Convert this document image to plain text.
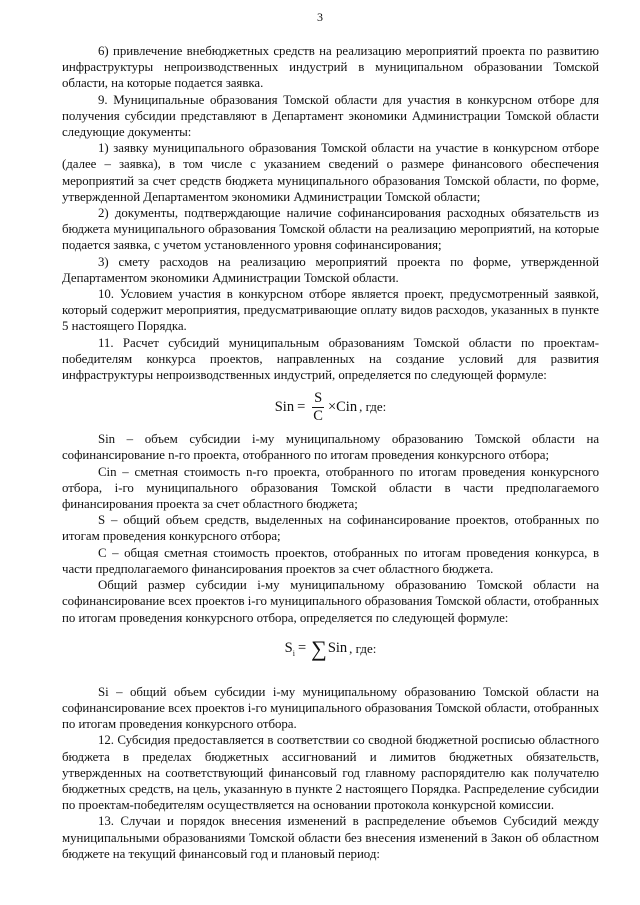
3

6) привлечение внебюджетных средств на реализацию мероприятий проекта по развитию инфраструктуры непроизводственных индустрий в муниципальном образовании Томской области, на которые подается заявка.

9. Муниципальные образования Томской области для участия в конкурсном отборе для получения субсидии представляют в Департамент экономики Администрации Томской области следующие документы:

1) заявку муниципального образования Томской области на участие в конкурсном отборе (далее – заявка), в том числе с указанием сведений о размере финансового обеспечения мероприятий за счет средств бюджета муниципального образования Томской области, по форме, утвержденной Департаментом экономики Администрации Томской области;

2) документы, подтверждающие наличие софинансирования расходных обязательств из бюджета муниципального образования Томской области на реализацию мероприятий, на которые подается заявка, с учетом установленного уровня софинансирования;

3) смету расходов на реализацию мероприятий проекта по форме, утвержденной Департаментом экономики Администрации Томской области.

10. Условием участия в конкурсном отборе является проект, предусмотренный заявкой, который содержит мероприятия, предусматривающие оплату видов расходов, указанных в пункте 5 настоящего Порядка.

11. Расчет субсидий муниципальным образованиям Томской области по проектам-победителям конкурса проектов, направленных на создание условий для развития инфраструктуры непроизводственных индустрий, определяется по следующей формуле:

Sin = $\frac{S}{C}$ × Cin , где:

Sin – объем субсидии i-му муниципальному образованию Томской области на софинансирование n-го проекта, отобранного по итогам проведения конкурсного отбора;

Cin – сметная стоимость n-го проекта, отобранного по итогам проведения конкурсного отбора, i-го муниципального образования Томской области в части предполагаемого финансирования проекта за счет областного бюджета;

S – общий объем средств, выделенных на софинансирование проектов, отобранных по итогам проведения конкурсного отбора;

C – общая сметная стоимость проектов, отобранных по итогам проведения конкурса, в части предполагаемого финансирования проектов за счет областного бюджета.

Общий размер субсидии i-му муниципальному образованию Томской области на софинансирование всех проектов i-го муниципального образования Томской области, отобранных по итогам проведения конкурсного отбора, определяется по следующей формуле:

$S_i$ = ∑ Sin , где:

Si – общий объем субсидии i-му муниципальному образованию Томской области на софинансирование всех проектов i-го муниципального образования Томской области, отобранных по итогам проведения конкурсного отбора.

12. Субсидия предоставляется в соответствии со сводной бюджетной росписью областного бюджета в пределах бюджетных ассигнований и лимитов бюджетных обязательств, утвержденных на соответствующий финансовый год главному распорядителю как получателю бюджетных средств, на цель, указанную в пункте 2 настоящего Порядка. Распределение субсидии по проектам-победителям осуществляется на основании протокола конкурсной комиссии.

13. Случаи и порядок внесения изменений в распределение объемов Субсидий между муниципальными образованиями Томской области без внесения изменений в Закон об областном бюджете на текущий финансовый год и плановый период:
